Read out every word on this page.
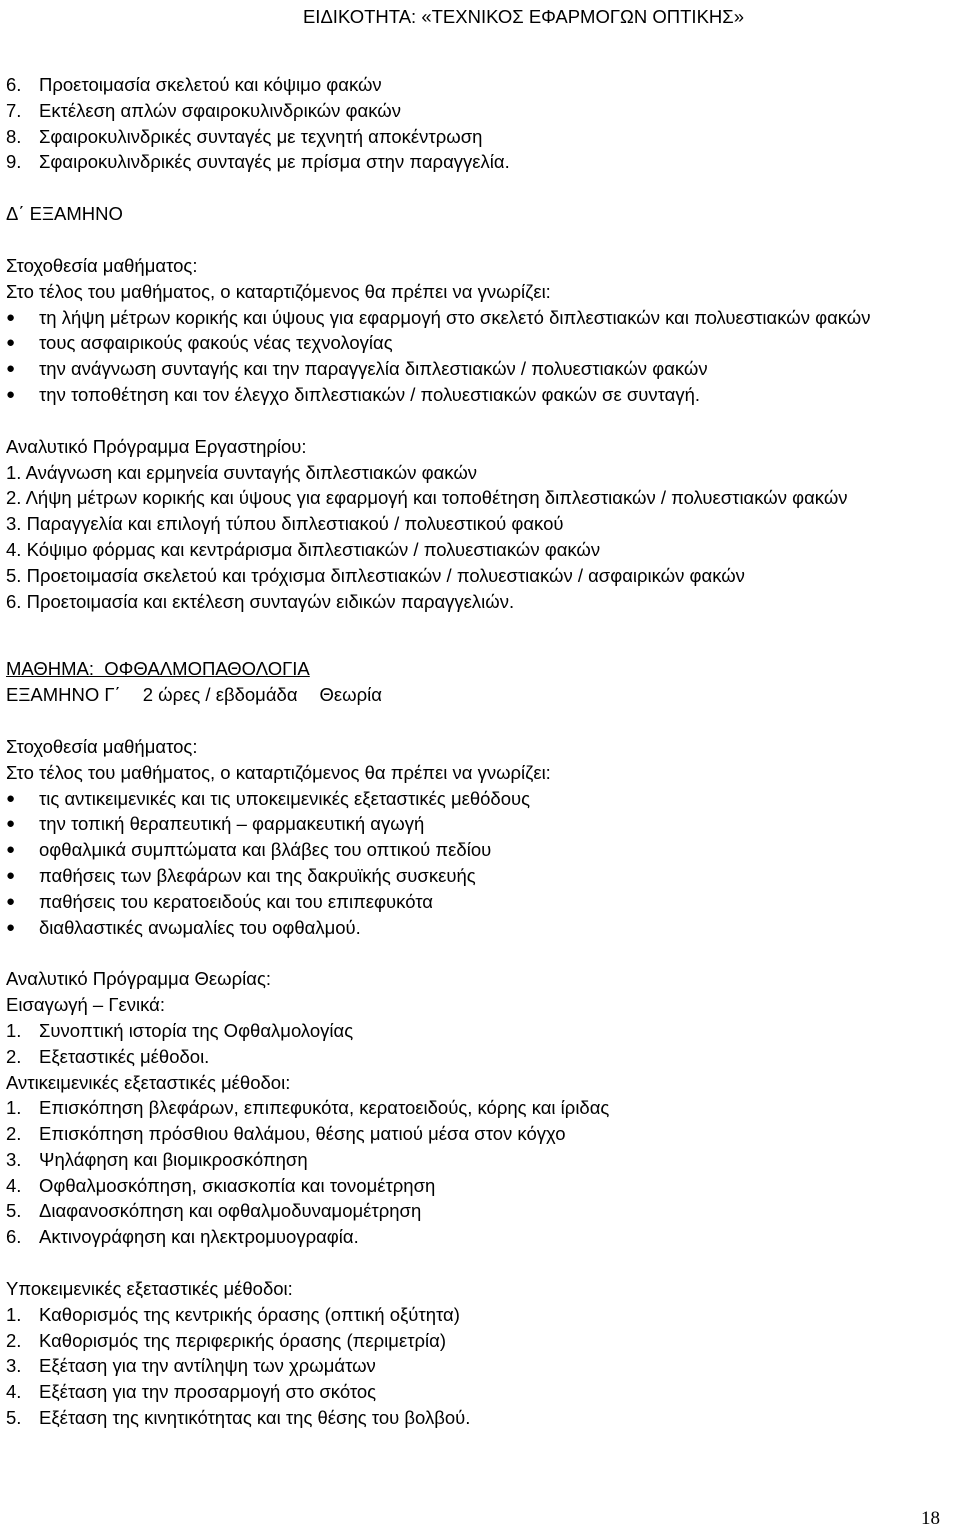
ΕΙΔΙΚΟΤΗΤΑ: «ΤΕΧΝΙΚΟΣ ΕΦΑΡΜΟΓΩΝ ΟΠΤΙΚΗΣ»
6. Προετοιμασία σκελετού και κόψιμο φακών
7. Εκτέλεση απλών σφαιροκυλινδρικών φακών
8. Σφαιροκυλινδρικές συνταγές με τεχνητή αποκέντρωση
9. Σφαιροκυλινδρικές συνταγές με πρίσμα στην παραγγελία.
Δ΄ ΕΞΑΜΗΝΟ
Στοχοθεσία μαθήματος:
Στο τέλος του μαθήματος, ο καταρτιζόμενος θα πρέπει να γνωρίζει:
●	τη λήψη μέτρων κορικής και ύψους για εφαρμογή στο σκελετό διπλεστιακών και πολυεστιακών φακών
●	τους ασφαιρικούς φακούς νέας τεχνολογίας
●	την ανάγνωση συνταγής και την παραγγελία διπλεστιακών / πολυεστιακών φακών
●	την τοποθέτηση και τον έλεγχο διπλεστιακών / πολυεστιακών φακών σε συνταγή.
Αναλυτικό Πρόγραμμα Εργαστηρίου:
1. Ανάγνωση και ερμηνεία συνταγής διπλεστιακών φακών
2. Λήψη μέτρων κορικής και ύψους για εφαρμογή και τοποθέτηση διπλεστιακών / πολυεστιακών φακών
3. Παραγγελία και επιλογή τύπου διπλεστιακού / πολυεστικού φακού
4. Κόψιμο φόρμας και κεντράρισμα διπλεστιακών / πολυεστιακών φακών
5. Προετοιμασία σκελετού και τρόχισμα διπλεστιακών / πολυεστιακών / ασφαιρικών φακών
6. Προετοιμασία και εκτέλεση συνταγών ειδικών παραγγελιών.
ΜΑΘΗΜΑ:  ΟΦΘΑΛΜΟΠΑΘΟΛΟΓΙΑ
ΕΞΑΜΗΝΟ Γ΄ 2 ώρες / εβδομάδα Θεωρία
Στοχοθεσία μαθήματος:
Στο τέλος του μαθήματος, ο καταρτιζόμενος θα πρέπει να γνωρίζει:
●	τις αντικειμενικές και τις υποκειμενικές εξεταστικές μεθόδους
●	την τοπική θεραπευτική – φαρμακευτική αγωγή
●	οφθαλμικά συμπτώματα και βλάβες του οπτικού πεδίου
●	παθήσεις των βλεφάρων και της δακρυϊκής συσκευής
●	παθήσεις του κερατοειδούς και του επιπεφυκότα
●	διαθλαστικές ανωμαλίες του οφθαλμού.
Αναλυτικό Πρόγραμμα Θεωρίας:
Εισαγωγή – Γενικά:
1. Συνοπτική ιστορία της Οφθαλμολογίας
2. Εξεταστικές μέθοδοι.
Αντικειμενικές εξεταστικές μέθοδοι:
1. Επισκόπηση βλεφάρων, επιπεφυκότα, κερατοειδούς, κόρης και ίριδας
2. Επισκόπηση πρόσθιου θαλάμου, θέσης ματιού μέσα στον κόγχο
3. Ψηλάφηση και βιομικροσκόπηση
4. Οφθαλμοσκόπηση, σκιασκοπία και τονομέτρηση
5. Διαφανοσκόπηση και οφθαλμοδυναμομέτρηση
6. Ακτινογράφηση και ηλεκτρομυογραφία.
Υποκειμενικές εξεταστικές μέθοδοι:
1. Καθορισμός της κεντρικής όρασης (οπτική οξύτητα)
2. Καθορισμός της περιφερικής όρασης (περιμετρία)
3. Εξέταση για την αντίληψη των χρωμάτων
4. Εξέταση για την προσαρμογή στο σκότος
5. Εξέταση της κινητικότητας και της θέσης του βολβού.
18
